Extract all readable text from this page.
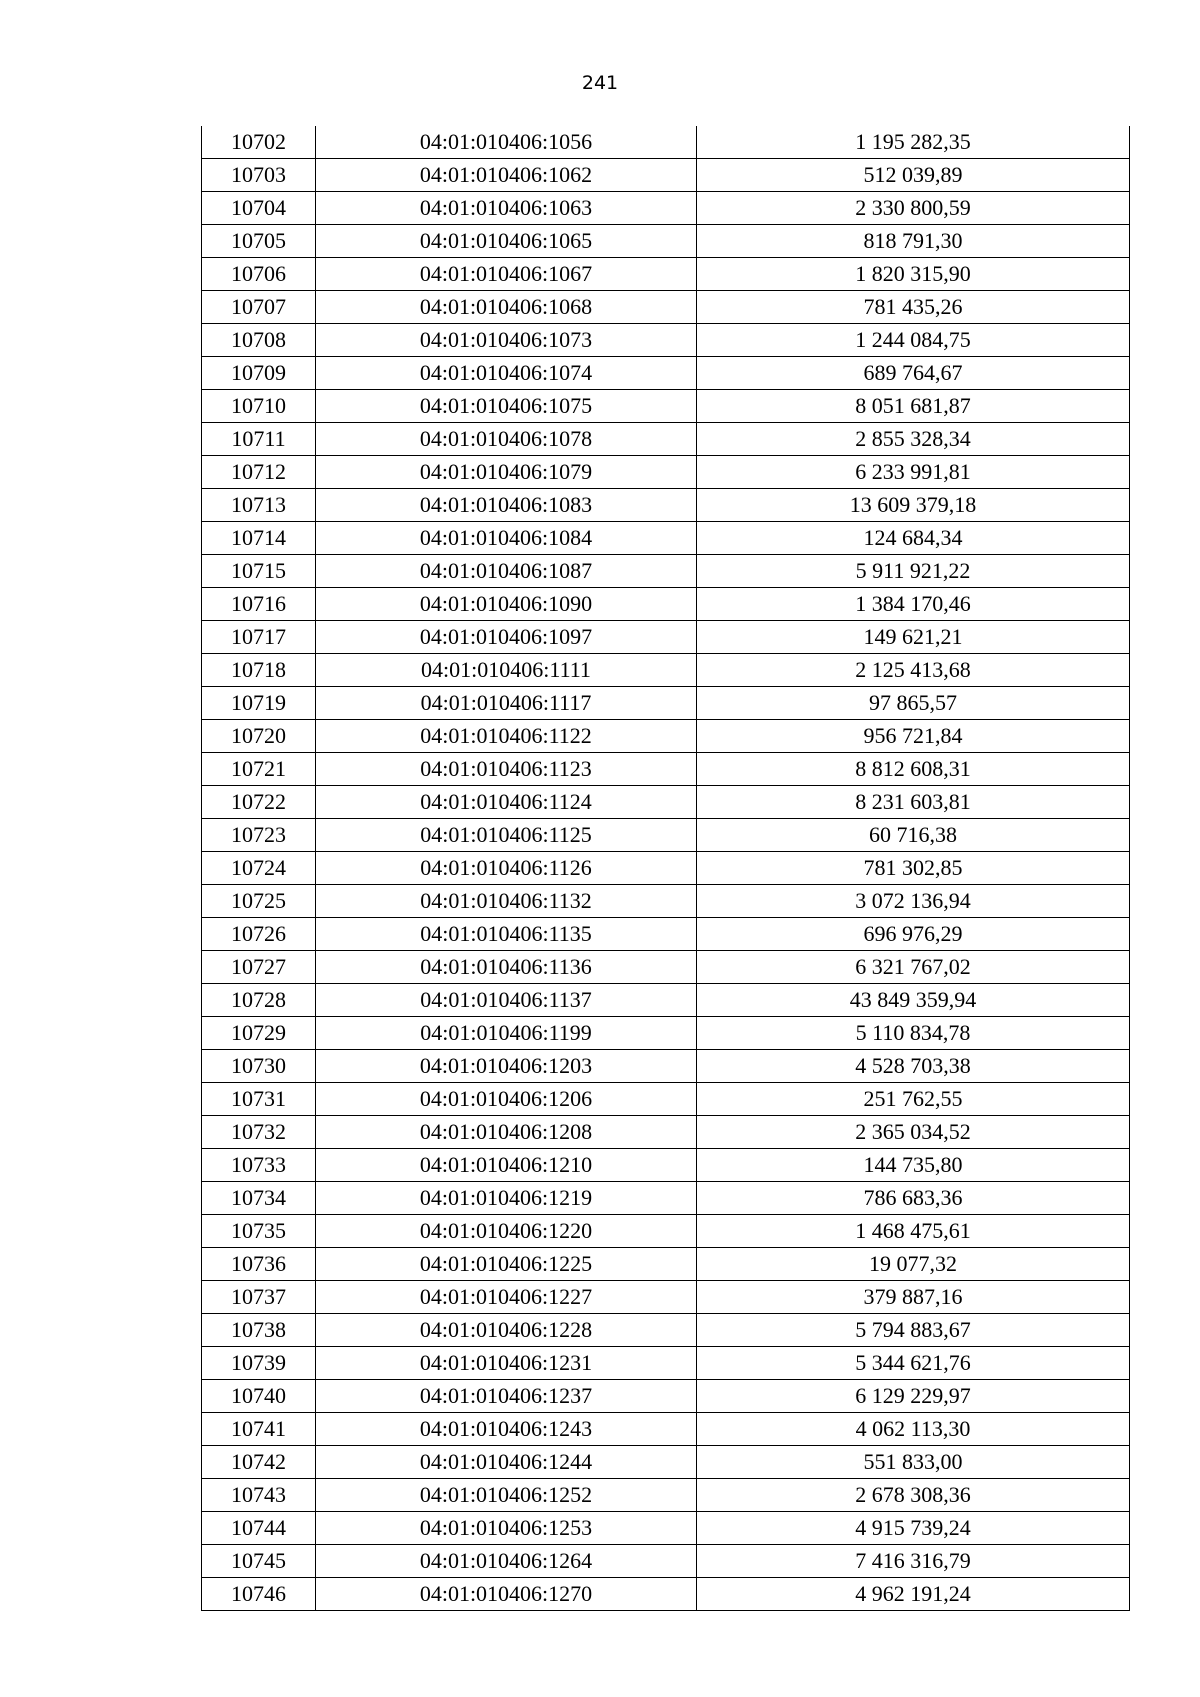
241
10702	04:01:010406:1056	1 195 282,35
10703	04:01:010406:1062	512 039,89
10704	04:01:010406:1063	2 330 800,59
10705	04:01:010406:1065	818 791,30
10706	04:01:010406:1067	1 820 315,90
10707	04:01:010406:1068	781 435,26
10708	04:01:010406:1073	1 244 084,75
10709	04:01:010406:1074	689 764,67
10710	04:01:010406:1075	8 051 681,87
10711	04:01:010406:1078	2 855 328,34
10712	04:01:010406:1079	6 233 991,81
10713	04:01:010406:1083	13 609 379,18
10714	04:01:010406:1084	124 684,34
10715	04:01:010406:1087	5 911 921,22
10716	04:01:010406:1090	1 384 170,46
10717	04:01:010406:1097	149 621,21
10718	04:01:010406:1111	2 125 413,68
10719	04:01:010406:1117	97 865,57
10720	04:01:010406:1122	956 721,84
10721	04:01:010406:1123	8 812 608,31
10722	04:01:010406:1124	8 231 603,81
10723	04:01:010406:1125	60 716,38
10724	04:01:010406:1126	781 302,85
10725	04:01:010406:1132	3 072 136,94
10726	04:01:010406:1135	696 976,29
10727	04:01:010406:1136	6 321 767,02
10728	04:01:010406:1137	43 849 359,94
10729	04:01:010406:1199	5 110 834,78
10730	04:01:010406:1203	4 528 703,38
10731	04:01:010406:1206	251 762,55
10732	04:01:010406:1208	2 365 034,52
10733	04:01:010406:1210	144 735,80
10734	04:01:010406:1219	786 683,36
10735	04:01:010406:1220	1 468 475,61
10736	04:01:010406:1225	19 077,32
10737	04:01:010406:1227	379 887,16
10738	04:01:010406:1228	5 794 883,67
10739	04:01:010406:1231	5 344 621,76
10740	04:01:010406:1237	6 129 229,97
10741	04:01:010406:1243	4 062 113,30
10742	04:01:010406:1244	551 833,00
10743	04:01:010406:1252	2 678 308,36
10744	04:01:010406:1253	4 915 739,24
10745	04:01:010406:1264	7 416 316,79
10746	04:01:010406:1270	4 962 191,24
